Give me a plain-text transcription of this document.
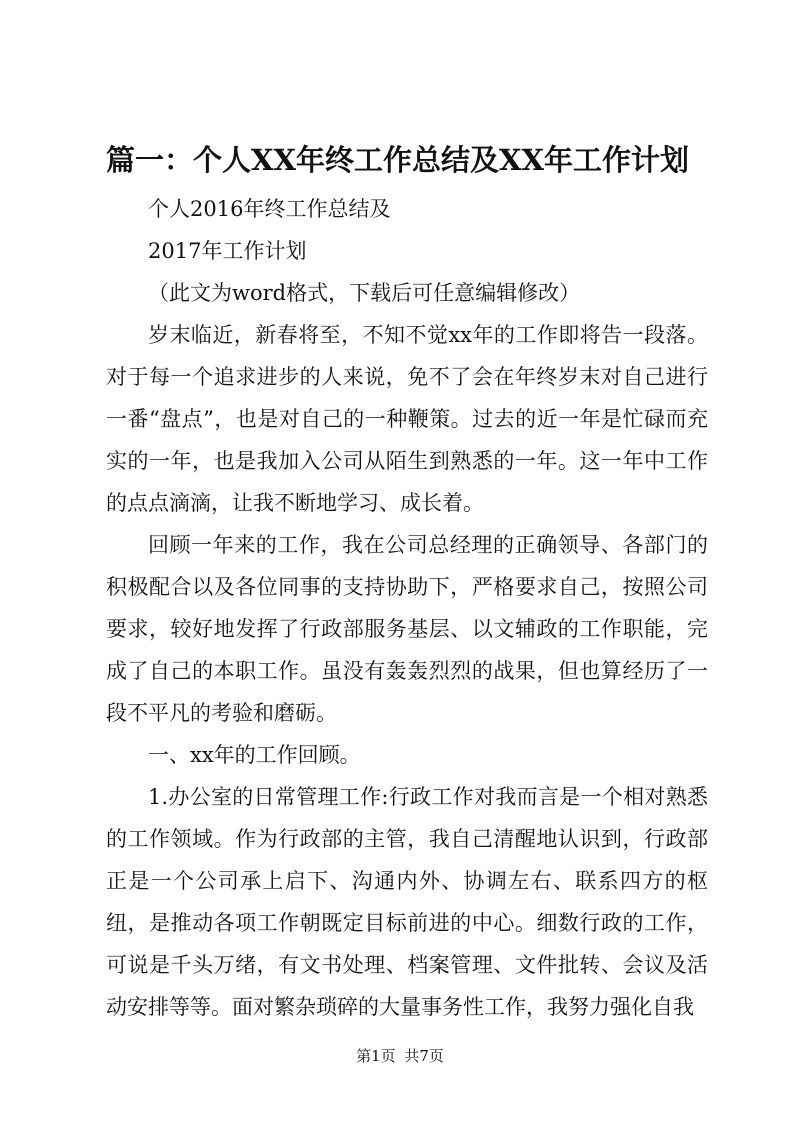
篇一：个人XX年终工作总结及XX年工作计划

个人2016年终工作总结及

2017年工作计划

（此文为word格式，下载后可任意编辑修改）

岁末临近，新春将至，不知不觉xx年的工作即将告一段落。对于每一个追求进步的人来说，免不了会在年终岁末对自己进行一番“盘点”，也是对自己的一种鞭策。过去的近一年是忙碌而充实的一年，也是我加入公司从陌生到熟悉的一年。这一年中工作的点点滴滴，让我不断地学习、成长着。

回顾一年来的工作，我在公司总经理的正确领导、各部门的积极配合以及各位同事的支持协助下，严格要求自己，按照公司要求，较好地发挥了行政部服务基层、以文辅政的工作职能，完成了自己的本职工作。虽没有轰轰烈烈的战果，但也算经历了一段不平凡的考验和磨砺。

一、xx年的工作回顾。

1.办公室的日常管理工作:行政工作对我而言是一个相对熟悉的工作领域。作为行政部的主管，我自己清醒地认识到，行政部正是一个公司承上启下、沟通内外、协调左右、联系四方的枢纽，是推动各项工作朝既定目标前进的中心。细数行政的工作，可说是千头万绪，有文书处理、档案管理、文件批转、会议及活动安排等等。面对繁杂琐碎的大量事务性工作，我努力强化自我

第1页 共7页
